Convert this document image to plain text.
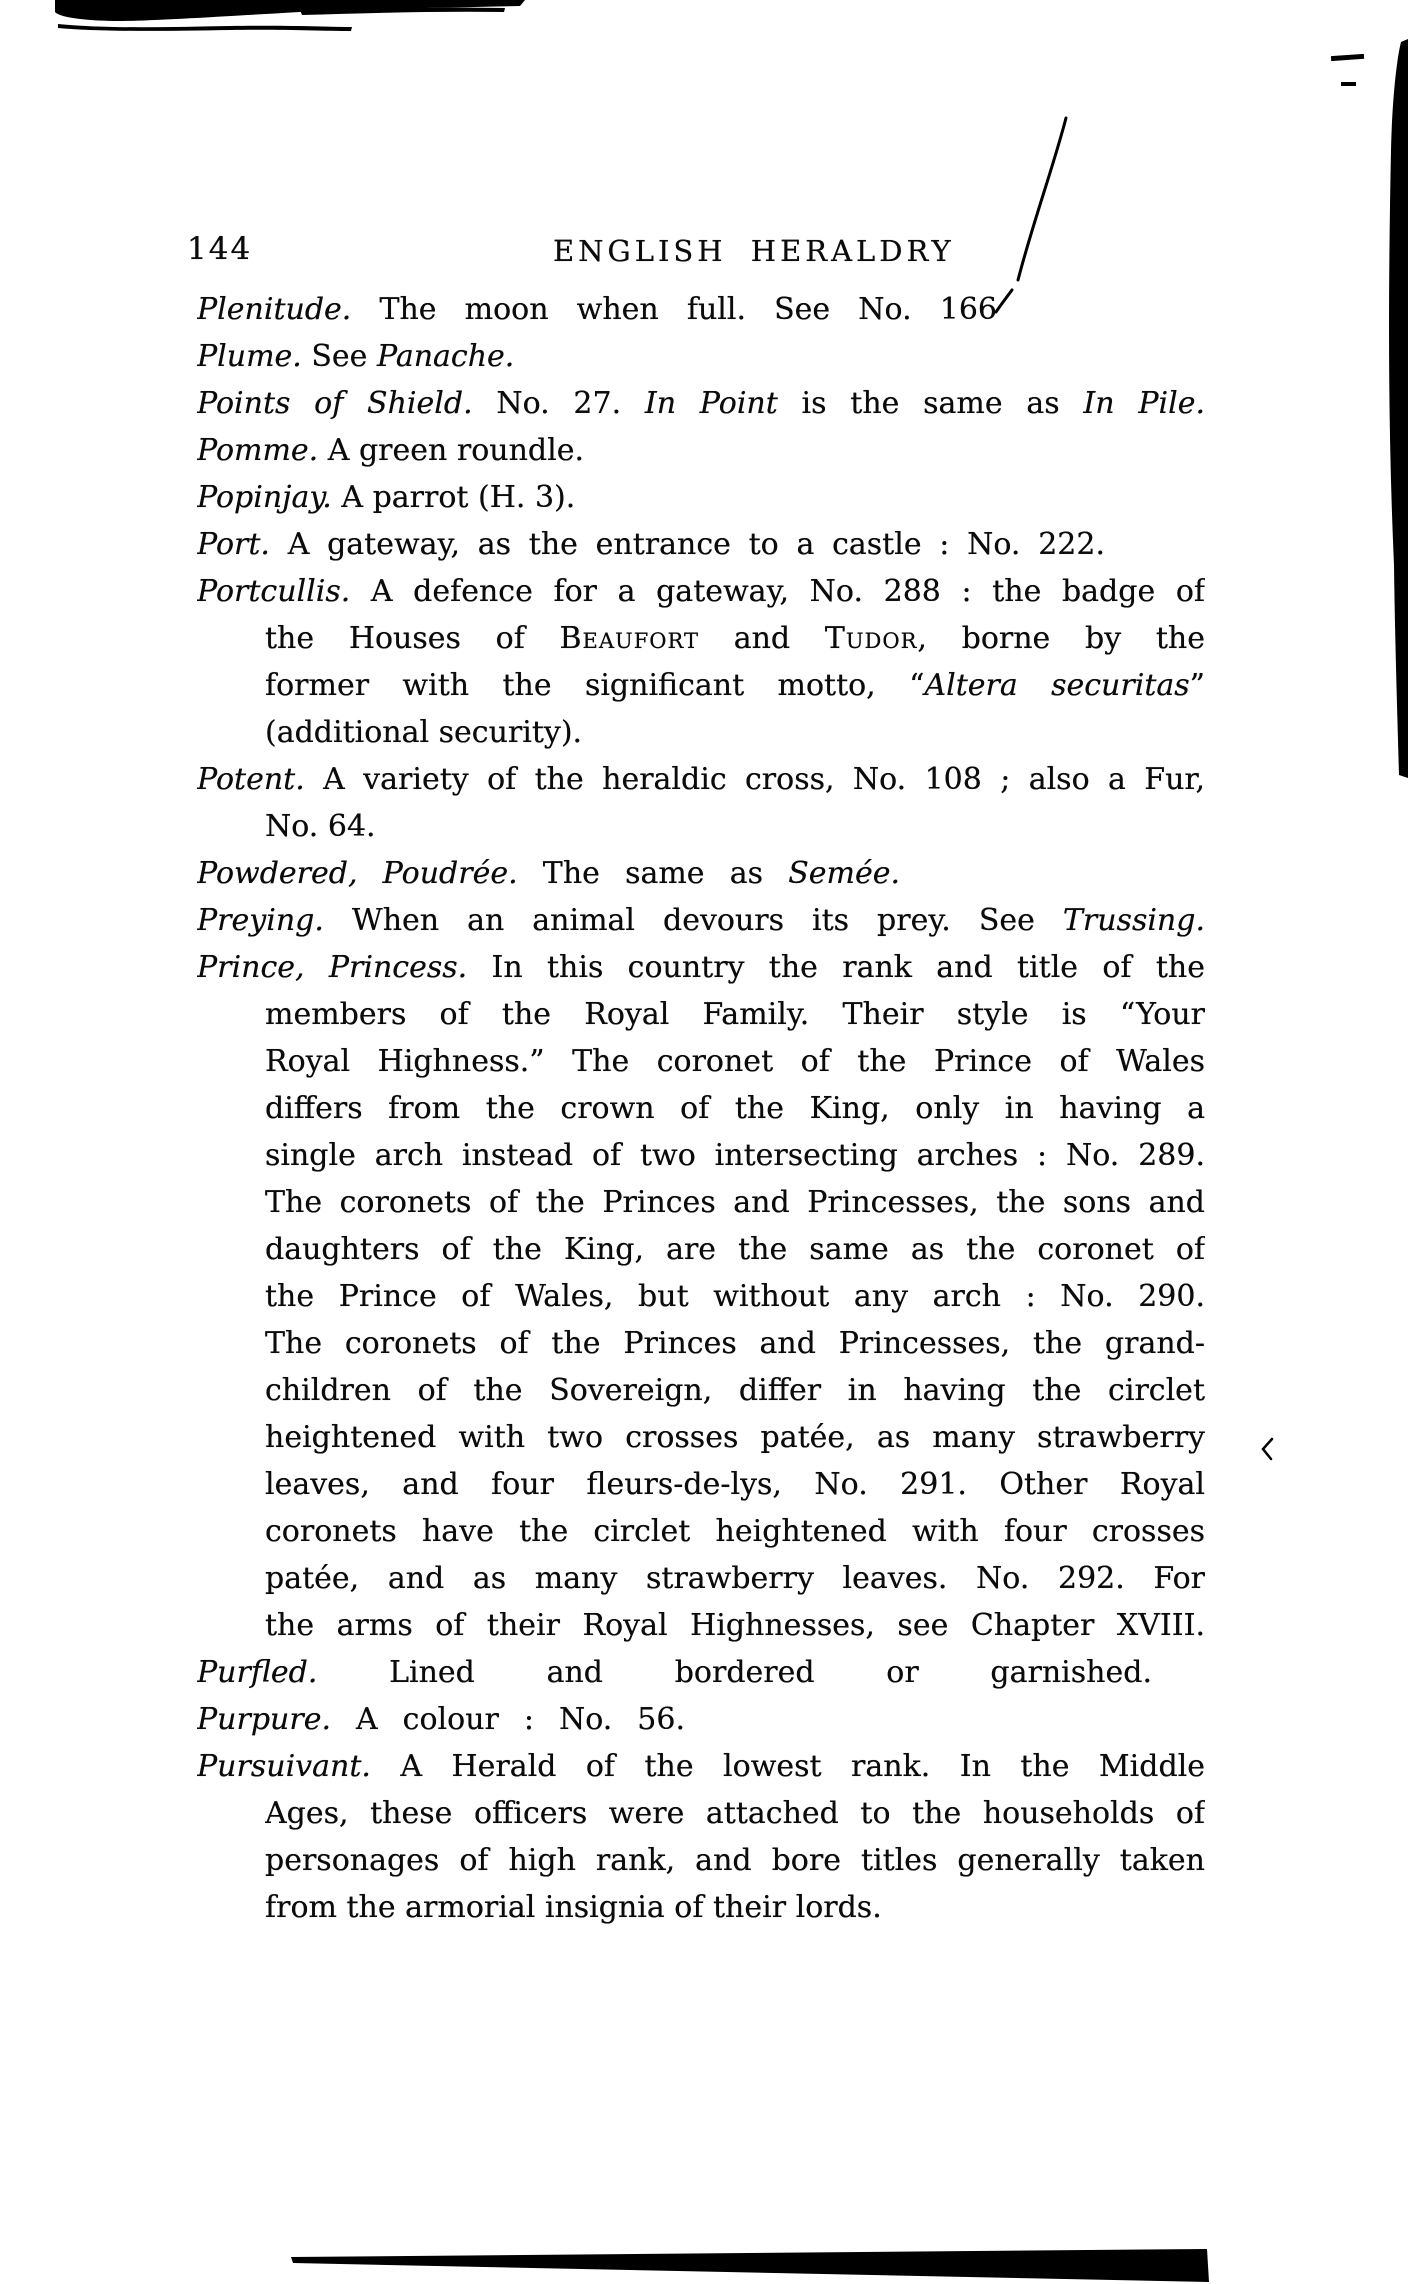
144	ENGLISH HERALDRY
Plenitude. The moon when full. See No. 166
Plume. See Panache.
Points of Shield. No. 27. In Point is the same as In Pile.
Pomme. A green roundle.
Popinjay. A parrot (H. 3).
Port. A gateway, as the entrance to a castle : No. 222.
Portcullis. A defence for a gateway, No. 288 : the badge of
the Houses of Beaufort and Tudor, borne by the
former with the significant motto, “Altera securitas”
(additional security).
Potent. A variety of the heraldic cross, No. 108 ; also a Fur,
No. 64.
Powdered, Poudrée. The same as Semée.
Preying. When an animal devours its prey. See Trussing.
Prince, Princess. In this country the rank and title of the
members of the Royal Family. Their style is “Your
Royal Highness.” The coronet of the Prince of Wales
differs from the crown of the King, only in having a
single arch instead of two intersecting arches : No. 289.
The coronets of the Princes and Princesses, the sons and
daughters of the King, are the same as the coronet of
the Prince of Wales, but without any arch : No. 290.
The coronets of the Princes and Princesses, the grand-
children of the Sovereign, differ in having the circlet
heightened with two crosses patée, as many strawberry
leaves, and four fleurs-de-lys, No. 291. Other Royal
coronets have the circlet heightened with four crosses
patée, and as many strawberry leaves. No. 292. For
the arms of their Royal Highnesses, see Chapter XVIII.
Purfled. Lined and bordered or garnished.
Purpure. A colour : No. 56.
Pursuivant. A Herald of the lowest rank. In the Middle
Ages, these officers were attached to the households of
personages of high rank, and bore titles generally taken
from the armorial insignia of their lords.
